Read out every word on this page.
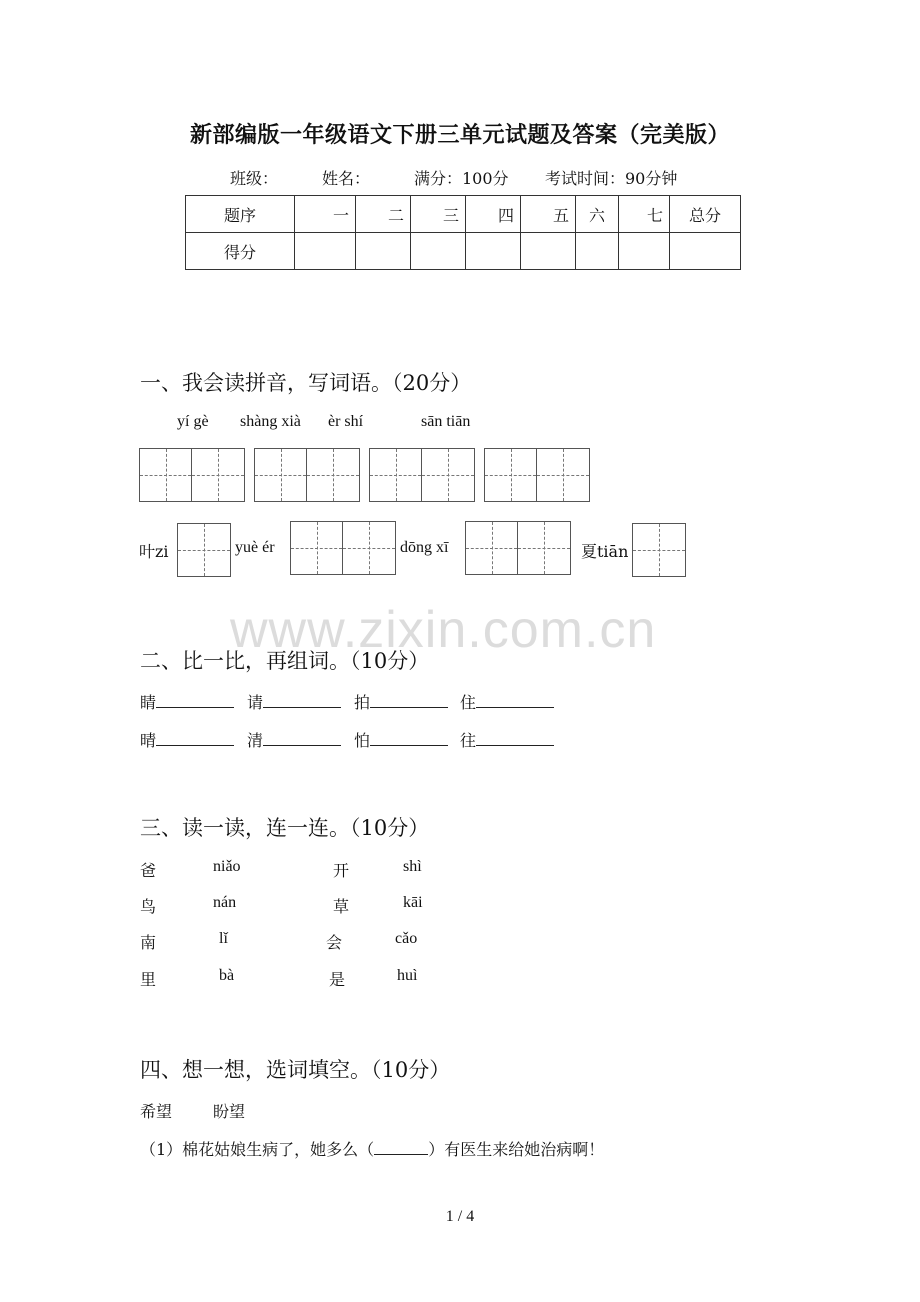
新部编版一年级语文下册三单元试题及答案（完美版）
班级：	姓名：	满分：100分 考试时间：90分钟
题序	一	二	三	四	五	六	七	总分
得分								
一、我会读拼音，写词语。（20分）
yí gè shàng xià èr shí	sān tiān
叶zi	yuè ér	dōng xī	夏tiān
www.zixin.com.cn
二、比一比，再组词。（10分）
睛	请	拍	住
晴	清	怕	往
三、读一读，连一连。（10分）
爸	niǎo	开	shì
鸟	nán	草	kāi
南	lǐ	会	cǎo
里	bà	是	huì
四、想一想，选词填空。（10分）
希望	盼望
（1）棉花姑娘生病了，她多么（	）有医生来给她治病啊！
1 / 4
